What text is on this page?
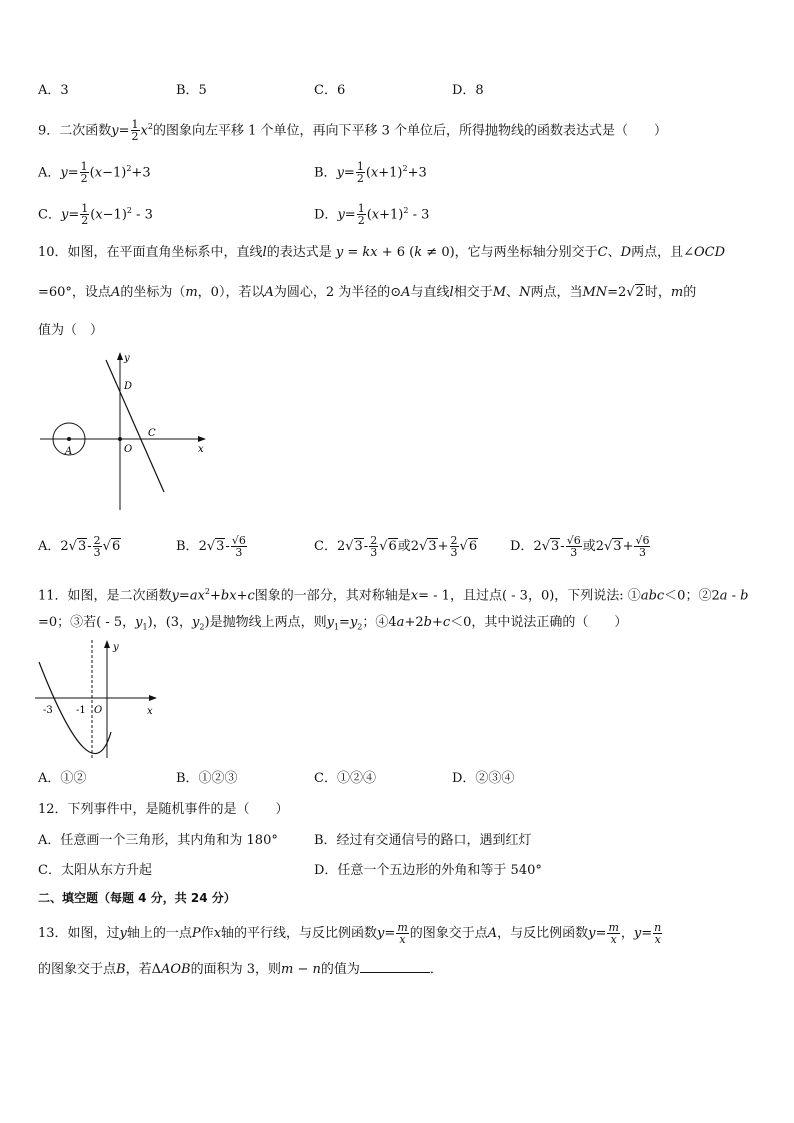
A．3	B．5	C．6	D．8
9．二次函数$y= \frac{1}{2} x^2$的图象向左平移 1 个单位，再向下平移 3 个单位后，所得抛物线的函数表达式是（　　）
A．$y= \frac{1}{2} (x-1)^2+3$	B．$y= \frac{1}{2} (x+1)^2+3$
C．$y= \frac{1}{2} (x-1)^2 - 3$	D．$y= \frac{1}{2} (x+1)^2 - 3$
10．如图，在平面直角坐标系中，直线l的表达式是 y = kx + 6 (k ≠ 0)，它与两坐标轴分别交于C、D两点，且∠OCD
=60°，设点A的坐标为（m，0），若以A为圆心，2 为半径的⊙A与直线l相交于M、N两点，当MN=2√2时，m的
值为（　）
y
x
D
C
O
A
A．$2√3- \frac{2}{3} √6$	B．$2√3- \frac{√6}{3}$	C．$2√3- \frac{2}{3} √6$或$2√3+ \frac{2}{3} √6$	D．$2√3- \frac{√6}{3}$ 或$2√3+ \frac{√6}{3}$
11．如图，是二次函数$y=ax^2+bx+c$图象的一部分，其对称轴是x= - 1，且过点( - 3，0)，下列说法: ①abc＜0；②2a - b
=0；③若( - 5，$y_1$)，(3，$y_2$)是抛物线上两点，则$y_1=y_2$；④4a+2b+c＜0，其中说法正确的（　　）
y
x
-3 -1 O
A．①②	B．①②③	C．①②④	D．②③④
12．下列事件中，是随机事件的是（　　）
A．任意画一个三角形，其内角和为 180°	B．经过有交通信号的路口，遇到红灯
C．太阳从东方升起	D．任意一个五边形的外角和等于 540°
二、填空题（每题 4 分，共 24 分）
13．如图，过y轴上的一点P作x轴的平行线，与反比例函数$y= \frac{m}{x}$ 的图象交于点A，与反比例函数$y= \frac{m}{x}$ ，$y= \frac{n}{x}$
的图象交于点B，若ΔAOB的面积为 3，则m − n的值为	．
